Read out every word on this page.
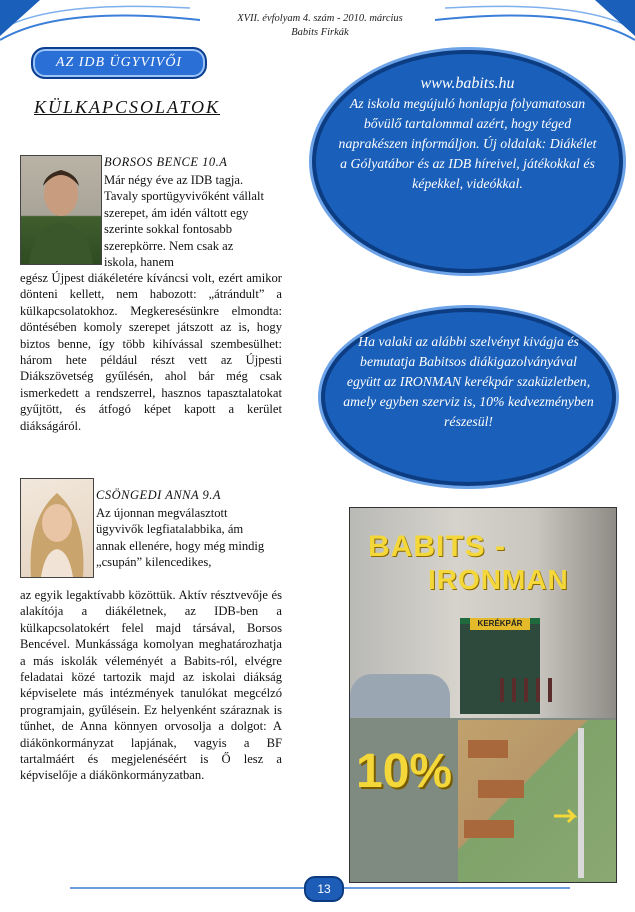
XVII. évfolyam 4. szám - 2010. március
Babits Firkák
AZ IDB ÜGYVIVŐI
KÜLKAPCSOLATOK
BORSOS BENCE 10.A

Már négy éve az IDB tagja. Tavaly sportügyvivőként vállalt szerepet, ám idén váltott egy szerinte sokkal fontosabb szerepkörre. Nem csak az iskola, hanem

egész Újpest diákéletére kíváncsi volt, ezért amikor dönteni kellett, nem habozott: „átrándult” a külkapcsolatokhoz. Megkeresésünkre elmondta: döntésében komoly szerepet játszott az is, hogy biztos benne, így több kihívással szembesülhet: három hete például részt vett az Újpesti Diákszövetség gyűlésén, ahol bár még csak ismerkedett a rendszerrel, hasznos tapasztalatokat gyűjtött, és átfogó képet kapott a kerület diákságáról.

CSÖNGEDI ANNA 9.A

Az újonnan megválasztott ügyvivők legfiatalabbika, ám annak ellenére, hogy még mindig „csupán” kilencedikes,

az egyik legaktívabb közöttük. Aktív résztvevője és alakítója a diákéletnek, az IDB-ben a külkapcsolatokért felel majd társával, Borsos Bencével. Munkássága komolyan meghatározhatja a más iskolák véleményét a Babits-ról, elvégre feladatai közé tartozik majd az iskolai diákság képviselete más intézmények tanulókat megcélzó programjain, gyűlésein. Ez helyenként száraznak is tűnhet, de Anna könnyen orvosolja a dolgot: A diákönkormányzat lapjának, vagyis a BF tartalmáért és megjelenéséért is Ő lesz a képviselője a diákönkormányzatban.

www.babits.hu
Az iskola megújuló honlapja folyamatosan bővülő tartalommal azért, hogy téged naprakészen informáljon. Új oldalak: Diákélet a Gólyatábor és az IDB híreivel, játékokkal és képekkel, videókkal.
Ha valaki az alábbi szelvényt kivágja és bemutatja Babitsos diákigazolványával együtt az IRONMAN kerékpár szaküzletben, amely egyben szerviz is, 10% kedvezményben részesül!
KERÉKPÁR
BABITS -
IRONMAN
10%
13
